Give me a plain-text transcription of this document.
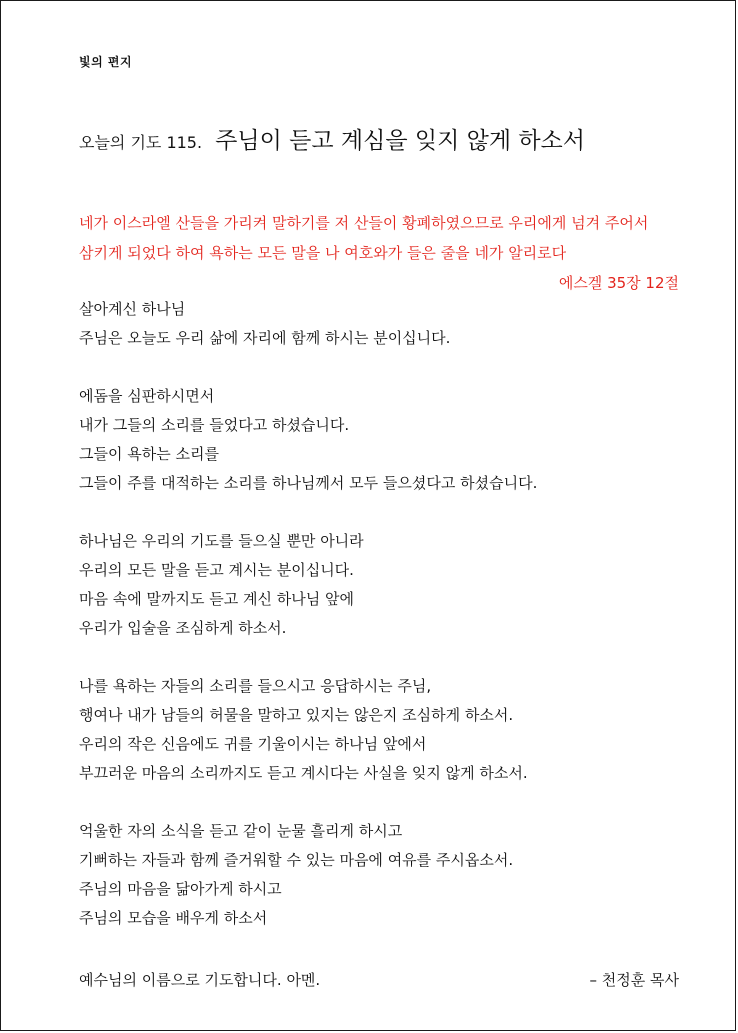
빛의 편지
오늘의 기도 115. 주님이 듣고 계심을 잊지 않게 하소서
네가 이스라엘 산들을 가리켜 말하기를 저 산들이 황폐하였으므로 우리에게 넘겨 주어서
삼키게 되었다 하여 욕하는 모든 말을 나 여호와가 들은 줄을 네가 알리로다
에스겔 35장 12절
살아계신 하나님
주님은 오늘도 우리 삶에 자리에 함께 하시는 분이십니다.
에돔을 심판하시면서
내가 그들의 소리를 들었다고 하셨습니다.
그들이 욕하는 소리를
그들이 주를 대적하는 소리를 하나님께서 모두 들으셨다고 하셨습니다.
하나님은 우리의 기도를 들으실 뿐만 아니라
우리의 모든 말을 듣고 계시는 분이십니다.
마음 속에 말까지도 듣고 계신 하나님 앞에
우리가 입술을 조심하게 하소서.
나를 욕하는 자들의 소리를 들으시고 응답하시는 주님,
행여나 내가 남들의 허물을 말하고 있지는 않은지 조심하게 하소서.
우리의 작은 신음에도 귀를 기울이시는 하나님 앞에서
부끄러운 마음의 소리까지도 듣고 계시다는 사실을 잊지 않게 하소서.
억울한 자의 소식을 듣고 같이 눈물 흘리게 하시고
기뻐하는 자들과 함께 즐거워할 수 있는 마음에 여유를 주시옵소서.
주님의 마음을 닮아가게 하시고
주님의 모습을 배우게 하소서
예수님의 이름으로 기도합니다. 아멘.	– 천정훈 목사
